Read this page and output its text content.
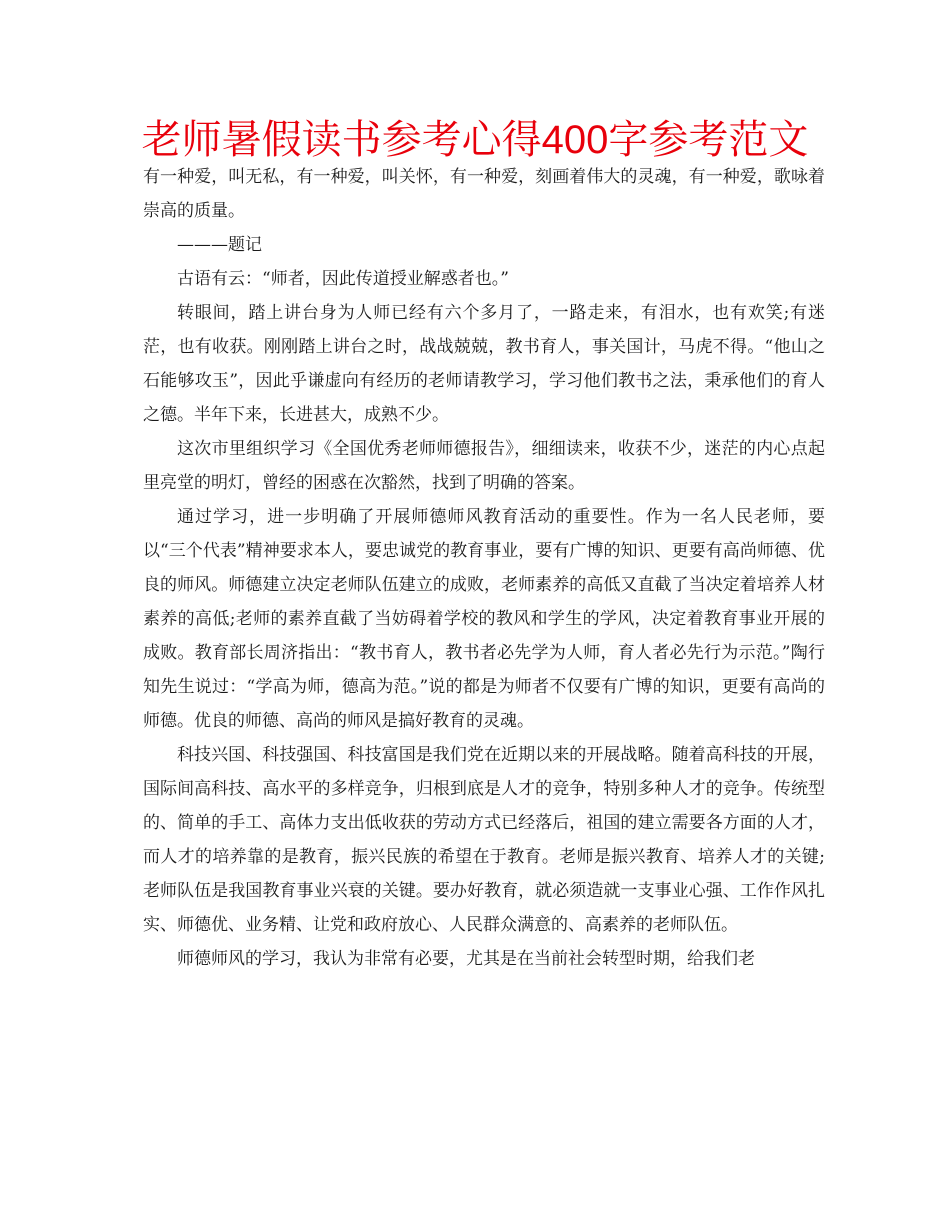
老师暑假读书参考心得400字参考范文

有一种爱，叫无私，有一种爱，叫关怀，有一种爱，刻画着伟大的灵魂，有一种爱，歌咏着崇高的质量。

———题记

古语有云：“师者，因此传道授业解惑者也。”

转眼间，踏上讲台身为人师已经有六个多月了，一路走来，有泪水，也有欢笑;有迷茫，也有收获。刚刚踏上讲台之时，战战兢兢，教书育人，事关国计，马虎不得。“他山之石能够攻玉”，因此乎谦虚向有经历的老师请教学习，学习他们教书之法，秉承他们的育人之德。半年下来，长进甚大，成熟不少。

这次市里组织学习《全国优秀老师师德报告》，细细读来，收获不少，迷茫的内心点起里亮堂的明灯，曾经的困惑在次豁然，找到了明确的答案。

通过学习，进一步明确了开展师德师风教育活动的重要性。作为一名人民老师，要以“三个代表”精神要求本人，要忠诚党的教育事业，要有广博的知识、更要有高尚师德、优良的师风。师德建立决定老师队伍建立的成败，老师素养的高低又直截了当决定着培养人材素养的高低;老师的素养直截了当妨碍着学校的教风和学生的学风，决定着教育事业开展的成败。教育部长周济指出：“教书育人，教书者必先学为人师，育人者必先行为示范。”陶行知先生说过：“学高为师，德高为范。”说的都是为师者不仅要有广博的知识，更要有高尚的师德。优良的师德、高尚的师风是搞好教育的灵魂。

科技兴国、科技强国、科技富国是我们党在近期以来的开展战略。随着高科技的开展，国际间高科技、高水平的多样竞争，归根到底是人才的竞争，特别多种人才的竞争。传统型的、简单的手工、高体力支出低收获的劳动方式已经落后，祖国的建立需要各方面的人才，而人才的培养靠的是教育，振兴民族的希望在于教育。老师是振兴教育、培养人才的关键;老师队伍是我国教育事业兴衰的关键。要办好教育，就必须造就一支事业心强、工作作风扎实、师德优、业务精、让党和政府放心、人民群众满意的、高素养的老师队伍。

师德师风的学习，我认为非常有必要，尤其是在当前社会转型时期，给我们老
